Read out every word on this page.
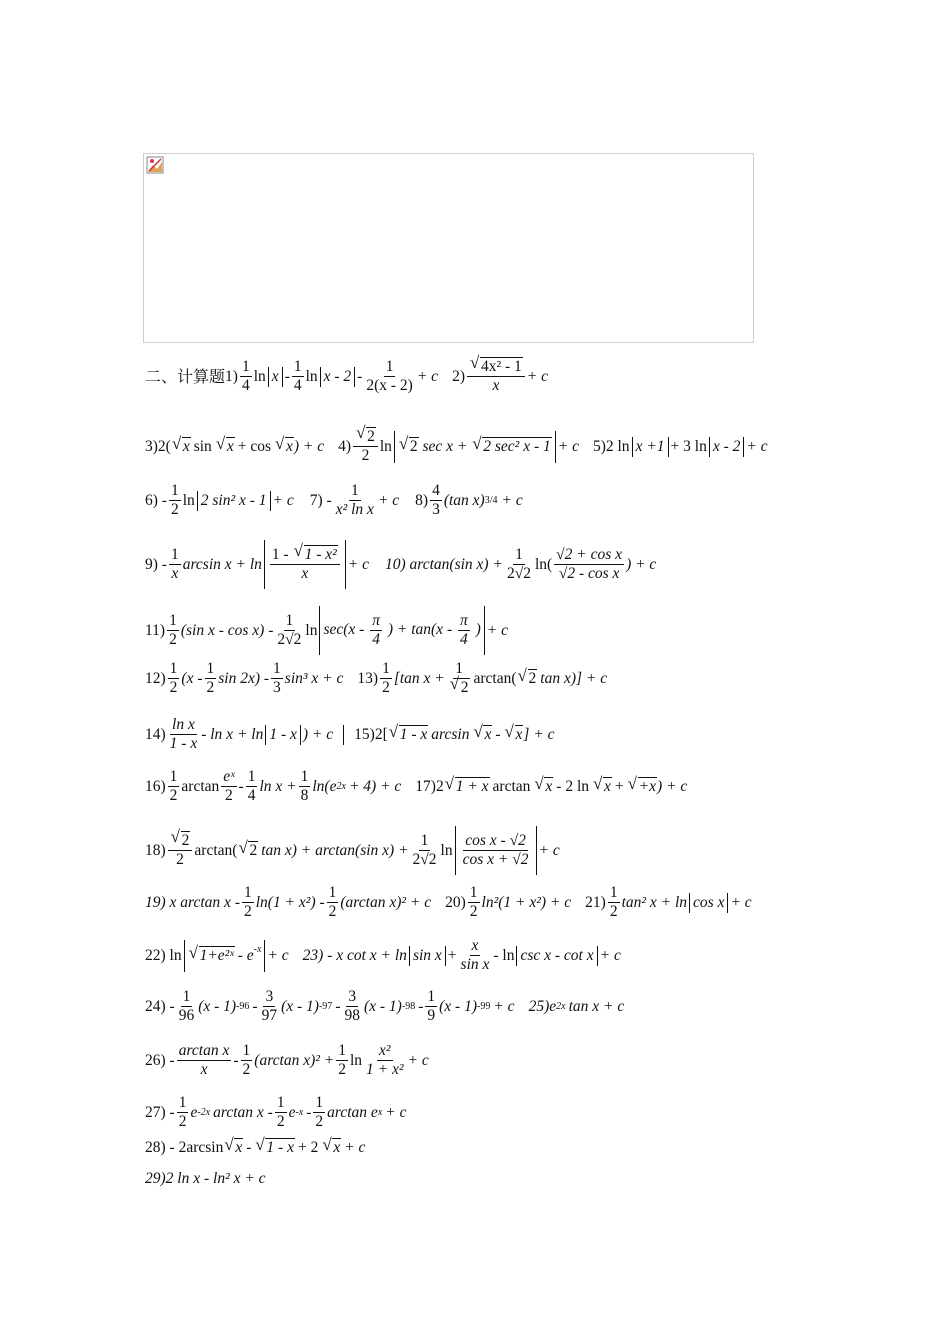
二、计算题 $1) \frac{1}{4}$ ln x - $\frac{1}{4}$ $\ln x - 2 - \frac{1}{2(x - 2)} + c$ 2) √ $\frac{\text{4x² - 1}}{x} + c$
3)2( √ x sin √ x + cos √ x ) + c 4) √ $\frac{2}{2}$ ln	√ 2 sec x + √ 2 sec² x - 1 + c 5)2 ln x +1 + 3 ln x - 2 + c
$6) - \frac{1}{2}$ ln 2 sin² x - 1 + c $7) - \frac{1}{\text{x² ln x}} + c$ $8) \frac{4}{3} (\tan$ x) 3/4 + c
$9) - \frac{1}{x}$ $\arcsin x + \ln \frac{\text{1 - √ 1 - x²}}{x} + c$ 10) arctan(sin $x) + \frac{1}{2√2} \ln( \frac{\text{√2 + cos x}}{\text{√2 - cos x}}$ ) + c
$11) \frac{1}{2} (\sin$ x - $\cos x) - \frac{1}{2√2}$ $\ln \sec(x - \frac{\pi}{4}$ ) + $\tan(x - \frac{\pi}{4}$ ) + c
$12) \frac{1}{2} (x - \frac{1}{2}$ $\sin 2x) - \frac{1}{3} \sin^3$ x + c $13) \frac{1}{2} [\tan$ x + 1
√ 2 arctan( √ 2 tan x)] + c
$14) \frac{\text{ln x}}{1 - x} - \ln x + \ln 1 - x$ ) + c 15)2[ √ 1 - x arcsin √ x - √ x ] + c
$16) \frac{1}{2}$ $\arctan \frac{\text{eˣ}}{2} - \frac{1}{4}$ $\ln x + \frac{1}{8} \ln(e$ 2x + 4) + c 17)2 √ 1 + x arctan √ x - 2 ln √ x + √ +x ) + c
18) √ $\frac{2}{2} \arctan$( √ 2 tan x) + arctan(sin $x) + \frac{1}{2√2}$ $\ln \frac{\text{cos x - √2}}{\text{cos x + √2}} + c$
19) x $\arctan x - \frac{1}{2} \ln(1 + x^2) - \frac{1}{2} (\arctan$ x)² + c $20) \frac{1}{2} \ln^2(1 + x^2) + c$ $21) \frac{1}{2} \tan^2$ x + ln cos x + c
22) ln	√ 1+e²ˣ - $e^{-x} + c$ 23) - x $\cot x + \ln \sin x + \frac{x}{\text{sin x}} - \ln \csc x - \cot x + c$
$24) - \frac{1}{96} (x - 1)$ $-96 - \frac{3}{97} (x - 1)$ $-97 - \frac{3}{98} (x - 1)$ $-98 - \frac{1}{9} (x - 1) -99 + c$ 25)e 2x tan x + c
$26) - \frac{\text{arctan x}}{x} - \frac{1}{2} (\arctan$ $x)^2 + \frac{1}{2}$ $\ln \frac{\text{x²}}{\text{1 + x²}} + c$
$27) - \frac{1}{2}$ e -2x arctan x - $\frac{1}{2}$ e $-x - \frac{1}{2}$ arctan e x + c
28) - 2arcsin √ x - √ 1 - x + 2 √ x + c
29)2 ln x - ln² x + c
